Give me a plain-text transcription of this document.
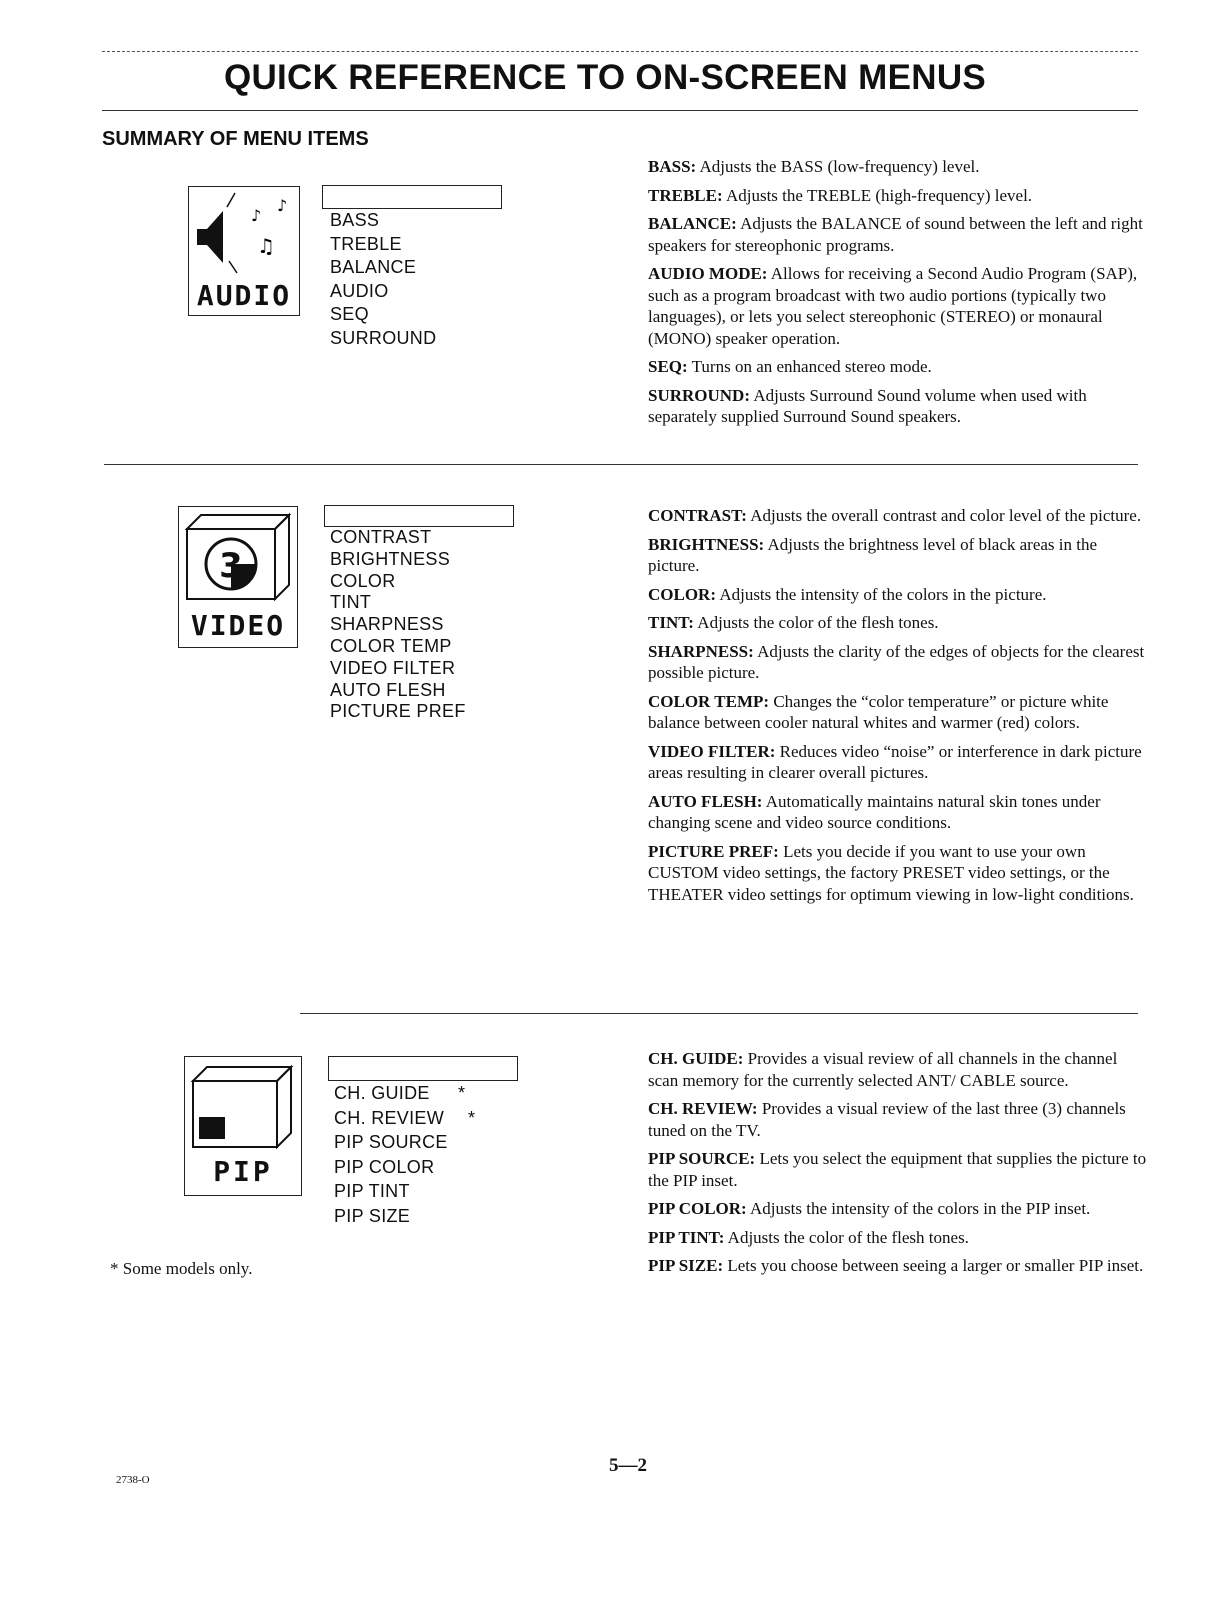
QUICK REFERENCE TO ON-SCREEN MENUS
SUMMARY OF MENU ITEMS
♪
♪
♫
AUDIO
BASS
TREBLE
BALANCE
AUDIO
SEQ
SURROUND

BASS: Adjusts the BASS (low-frequency) level.

TREBLE: Adjusts the TREBLE (high-frequency) level.

BALANCE: Adjusts the BALANCE of sound between the left and right speakers for stereophonic programs.

AUDIO MODE: Allows for receiving a Second Audio Program (SAP), such as a program broadcast with two audio portions (typically two languages), or lets you select stereophonic (STEREO) or monaural (MONO) speaker operation.

SEQ: Turns on an enhanced stereo mode.

SURROUND: Adjusts Surround Sound volume when used with separately supplied Surround Sound speakers.

3
VIDEO
CONTRAST
BRIGHTNESS
COLOR
TINT
SHARPNESS
COLOR TEMP
VIDEO FILTER
AUTO FLESH
PICTURE PREF

CONTRAST: Adjusts the overall contrast and color level of the picture.

BRIGHTNESS: Adjusts the brightness level of black areas in the picture.

COLOR: Adjusts the intensity of the colors in the picture.

TINT: Adjusts the color of the flesh tones.

SHARPNESS: Adjusts the clarity of the edges of objects for the clearest possible picture.

COLOR TEMP: Changes the “color temperature” or picture white balance between cooler natural whites and warmer (red) colors.

VIDEO FILTER: Reduces video “noise” or interference in dark picture areas resulting in clearer overall pictures.

AUTO FLESH: Automatically maintains natural skin tones under changing scene and video source conditions.

PICTURE PREF: Lets you decide if you want to use your own CUSTOM video settings, the factory PRESET video settings, or the THEATER video settings for optimum viewing in low-light conditions.

PIP
CH. GUIDE *
CH. REVIEW *
PIP SOURCE
PIP COLOR
PIP TINT
PIP SIZE
* Some models only.

CH. GUIDE: Provides a visual review of all channels in the channel scan memory for the currently selected ANT/ CABLE source.

CH. REVIEW: Provides a visual review of the last three (3) channels tuned on the TV.

PIP SOURCE: Lets you select the equipment that supplies the picture to the PIP inset.

PIP COLOR: Adjusts the intensity of the colors in the PIP inset.

PIP TINT: Adjusts the color of the flesh tones.

PIP SIZE: Lets you choose between seeing a larger or smaller PIP inset.

5—2
2738-O
